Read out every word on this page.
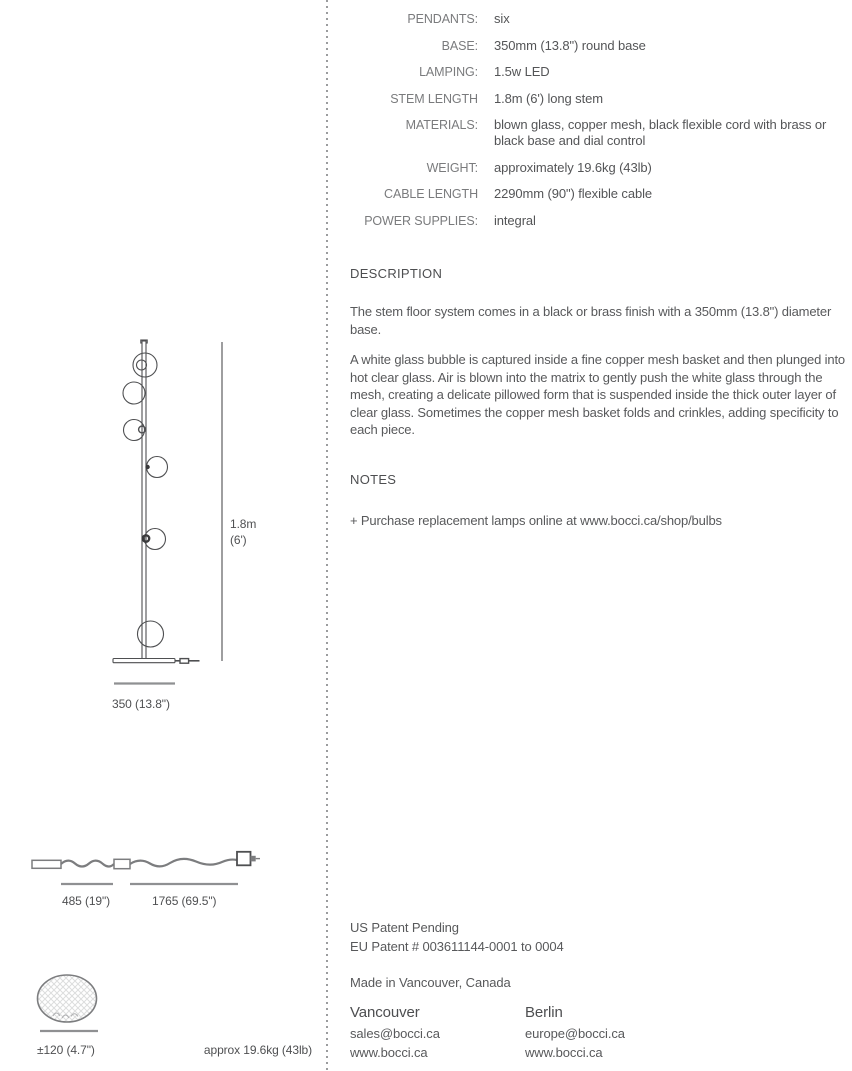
1.8m
(6')
350 (13.8")
485 (19")	1765 (69.5")
±120 (4.7")	approx 19.6kg (43lb)
PENDANTS: six
BASE: 350mm (13.8") round base
LAMPING: 1.5w LED
STEM LENGTH 1.8m (6') long stem
MATERIALS: blown glass, copper mesh, black flexible cord with brass or black base and dial control
WEIGHT: approximately 19.6kg (43lb)
CABLE LENGTH 2290mm (90") flexible cable
POWER SUPPLIES: integral
DESCRIPTION

The stem floor system comes in a black or brass finish with a 350mm (13.8") diameter base.

A white glass bubble is captured inside a fine copper mesh basket and then plunged into hot clear glass. Air is blown into the matrix to gently push the white glass through the mesh, creating a delicate pillowed form that is suspended inside the thick outer layer of clear glass. Sometimes the copper mesh basket folds and crinkles, adding specificity to each piece.

NOTES
+ Purchase replacement lamps online at www.bocci.ca/shop/bulbs
US Patent Pending
EU Patent # 003611144-0001 to 0004
Made in Vancouver, Canada
Vancouver
sales@bocci.ca
www.bocci.ca
Berlin
europe@bocci.ca
www.bocci.ca
